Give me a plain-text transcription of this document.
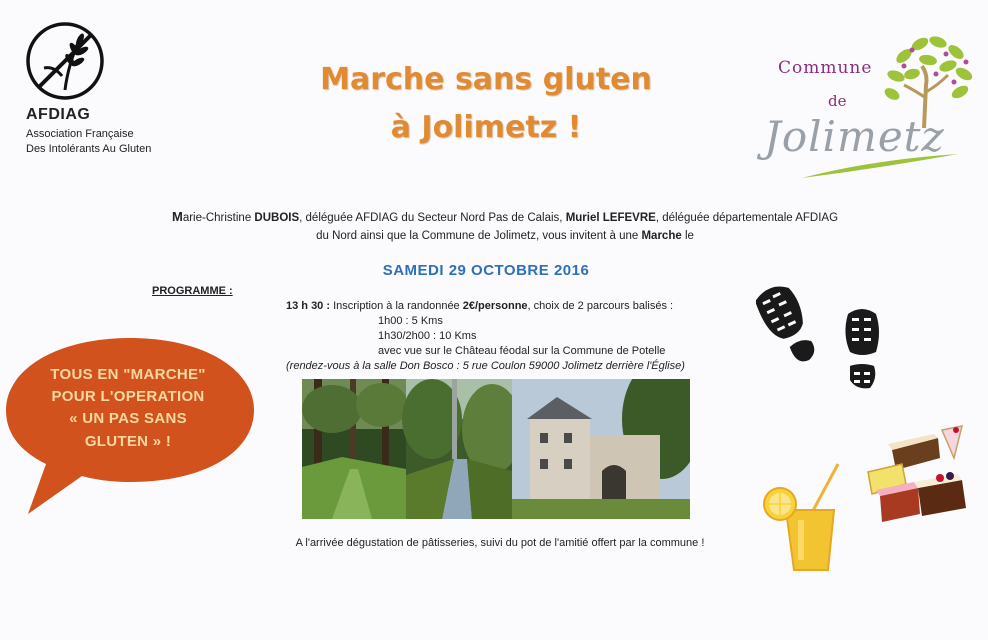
AFDIAG
Association Française
Des Intolérants Au Gluten
Marche sans gluten
à Jolimetz !
Commune
de
Jolimetz
Marie-Christine DUBOIS, déléguée AFDIAG du Secteur Nord Pas de Calais, Muriel LEFEVRE, déléguée départementale AFDIAG du Nord ainsi que la Commune de Jolimetz, vous invitent à une Marche le
SAMEDI 29 OCTOBRE 2016
PROGRAMME :
13 h 30 : Inscription à la randonnée 2€/personne, choix de 2 parcours balisés :
1h00 : 5 Kms
1h30/2h00 : 10 Kms
avec vue sur le Château féodal sur la Commune de Potelle
(rendez-vous à la salle Don Bosco : 5 rue Coulon 59000 Jolimetz derrière l'Église)
A l'arrivée dégustation de pâtisseries, suivi du pot de l'amitié offert par la commune !
TOUS EN "MARCHE"
POUR L'OPERATION
« UN PAS SANS
GLUTEN » !
